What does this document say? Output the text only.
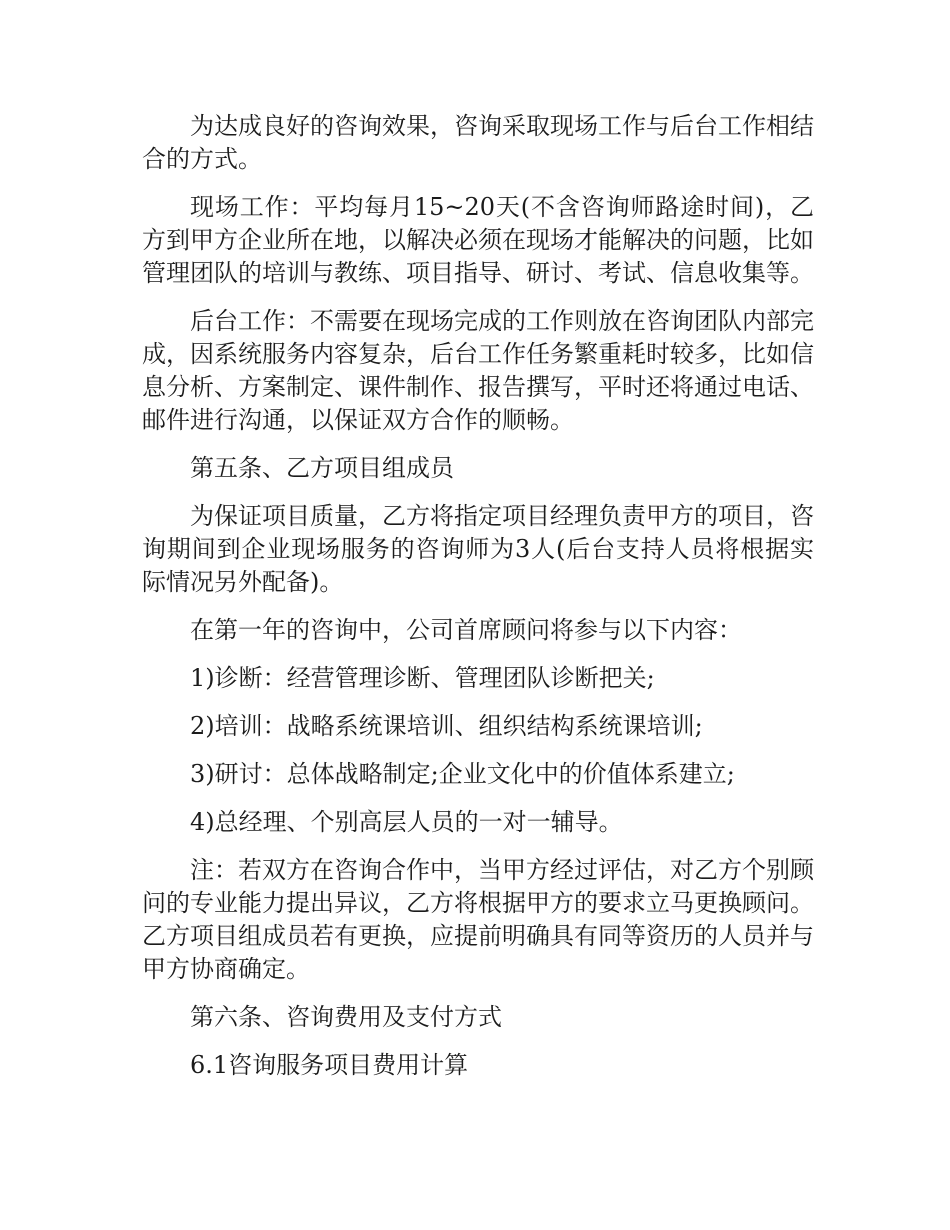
为达成良好的咨询效果，咨询采取现场工作与后台工作相结合的方式。

现场工作：平均每月15~20天(不含咨询师路途时间)，乙方到甲方企业所在地，以解决必须在现场才能解决的问题，比如管理团队的培训与教练、项目指导、研讨、考试、信息收集等。

后台工作：不需要在现场完成的工作则放在咨询团队内部完成，因系统服务内容复杂，后台工作任务繁重耗时较多，比如信息分析、方案制定、课件制作、报告撰写，平时还将通过电话、邮件进行沟通，以保证双方合作的顺畅。

第五条、乙方项目组成员

为保证项目质量，乙方将指定项目经理负责甲方的项目，咨询期间到企业现场服务的咨询师为3人(后台支持人员将根据实际情况另外配备)。

在第一年的咨询中，公司首席顾问将参与以下内容：

1)诊断：经营管理诊断、管理团队诊断把关;

2)培训：战略系统课培训、组织结构系统课培训;

3)研讨：总体战略制定;企业文化中的价值体系建立;

4)总经理、个别高层人员的一对一辅导。

注：若双方在咨询合作中，当甲方经过评估，对乙方个别顾问的专业能力提出异议，乙方将根据甲方的要求立马更换顾问。乙方项目组成员若有更换，应提前明确具有同等资历的人员并与甲方协商确定。

第六条、咨询费用及支付方式

6.1咨询服务项目费用计算
